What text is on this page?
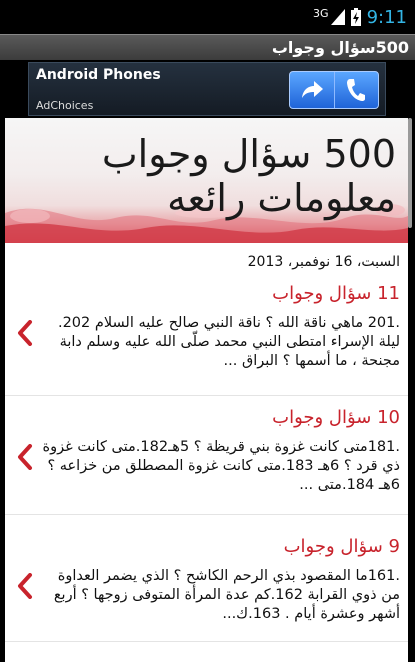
3G 9:11
500سؤال وجواب
Android Phones
AdChoices
500 سؤال وجواب
معلومات رائعه
السبت، 16 نوفمبر، 2013
11 سؤال وجواب
.201 ماهي ناقة الله ؟ ناقة النبي صالح عليه السلام 202. ليلة الإسراء امتطى النبي محمد صلّى الله عليه وسلم دابة مجنحة ، ما أسمها ؟ البراق ...
10 سؤال وجواب
.181متى كانت غزوة بني قريظة ؟ 5هـ182.متى كانت غزوة ذي قرد ؟ 6هـ 183.متى كانت غزوة المصطلق من خزاعه ؟ 6هـ 184.متى ...
9 سؤال وجواب
.161ما المقصود بذي الرحم الكاشح ؟ الذي يضمر العداوة من ذوي القرابة 162.كم عدة المرأة المتوفى زوجها ؟ أربع أشهر وعشرة أيام . 163.ك...
